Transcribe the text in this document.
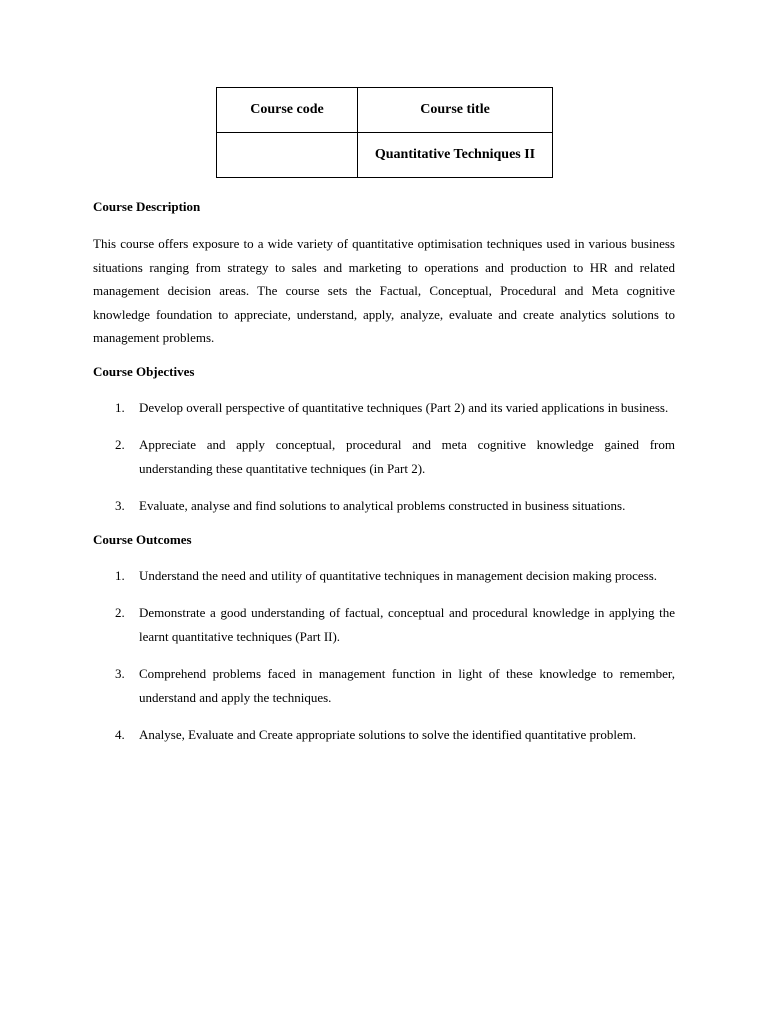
Course code	Course title
	Quantitative Techniques II

Course Description

This course offers exposure to a wide variety of quantitative optimisation techniques used in various business situations ranging from strategy to sales and marketing to operations and production to HR and related management decision areas. The course sets the Factual, Conceptual, Procedural and Meta cognitive knowledge foundation to appreciate, understand, apply, analyze, evaluate and create analytics solutions to management problems.

Course Objectives

1. Develop overall perspective of quantitative techniques (Part 2) and its varied applications in business.
2. Appreciate and apply conceptual, procedural and meta cognitive knowledge gained from understanding these quantitative techniques (in Part 2).
3. Evaluate, analyse and find solutions to analytical problems constructed in business situations.

Course Outcomes

1. Understand the need and utility of quantitative techniques in management decision making process.
2. Demonstrate a good understanding of factual, conceptual and procedural knowledge in applying the learnt quantitative techniques (Part II).
3. Comprehend problems faced in management function in light of these knowledge to remember, understand and apply the techniques.
4. Analyse, Evaluate and Create appropriate solutions to solve the identified quantitative problem.
